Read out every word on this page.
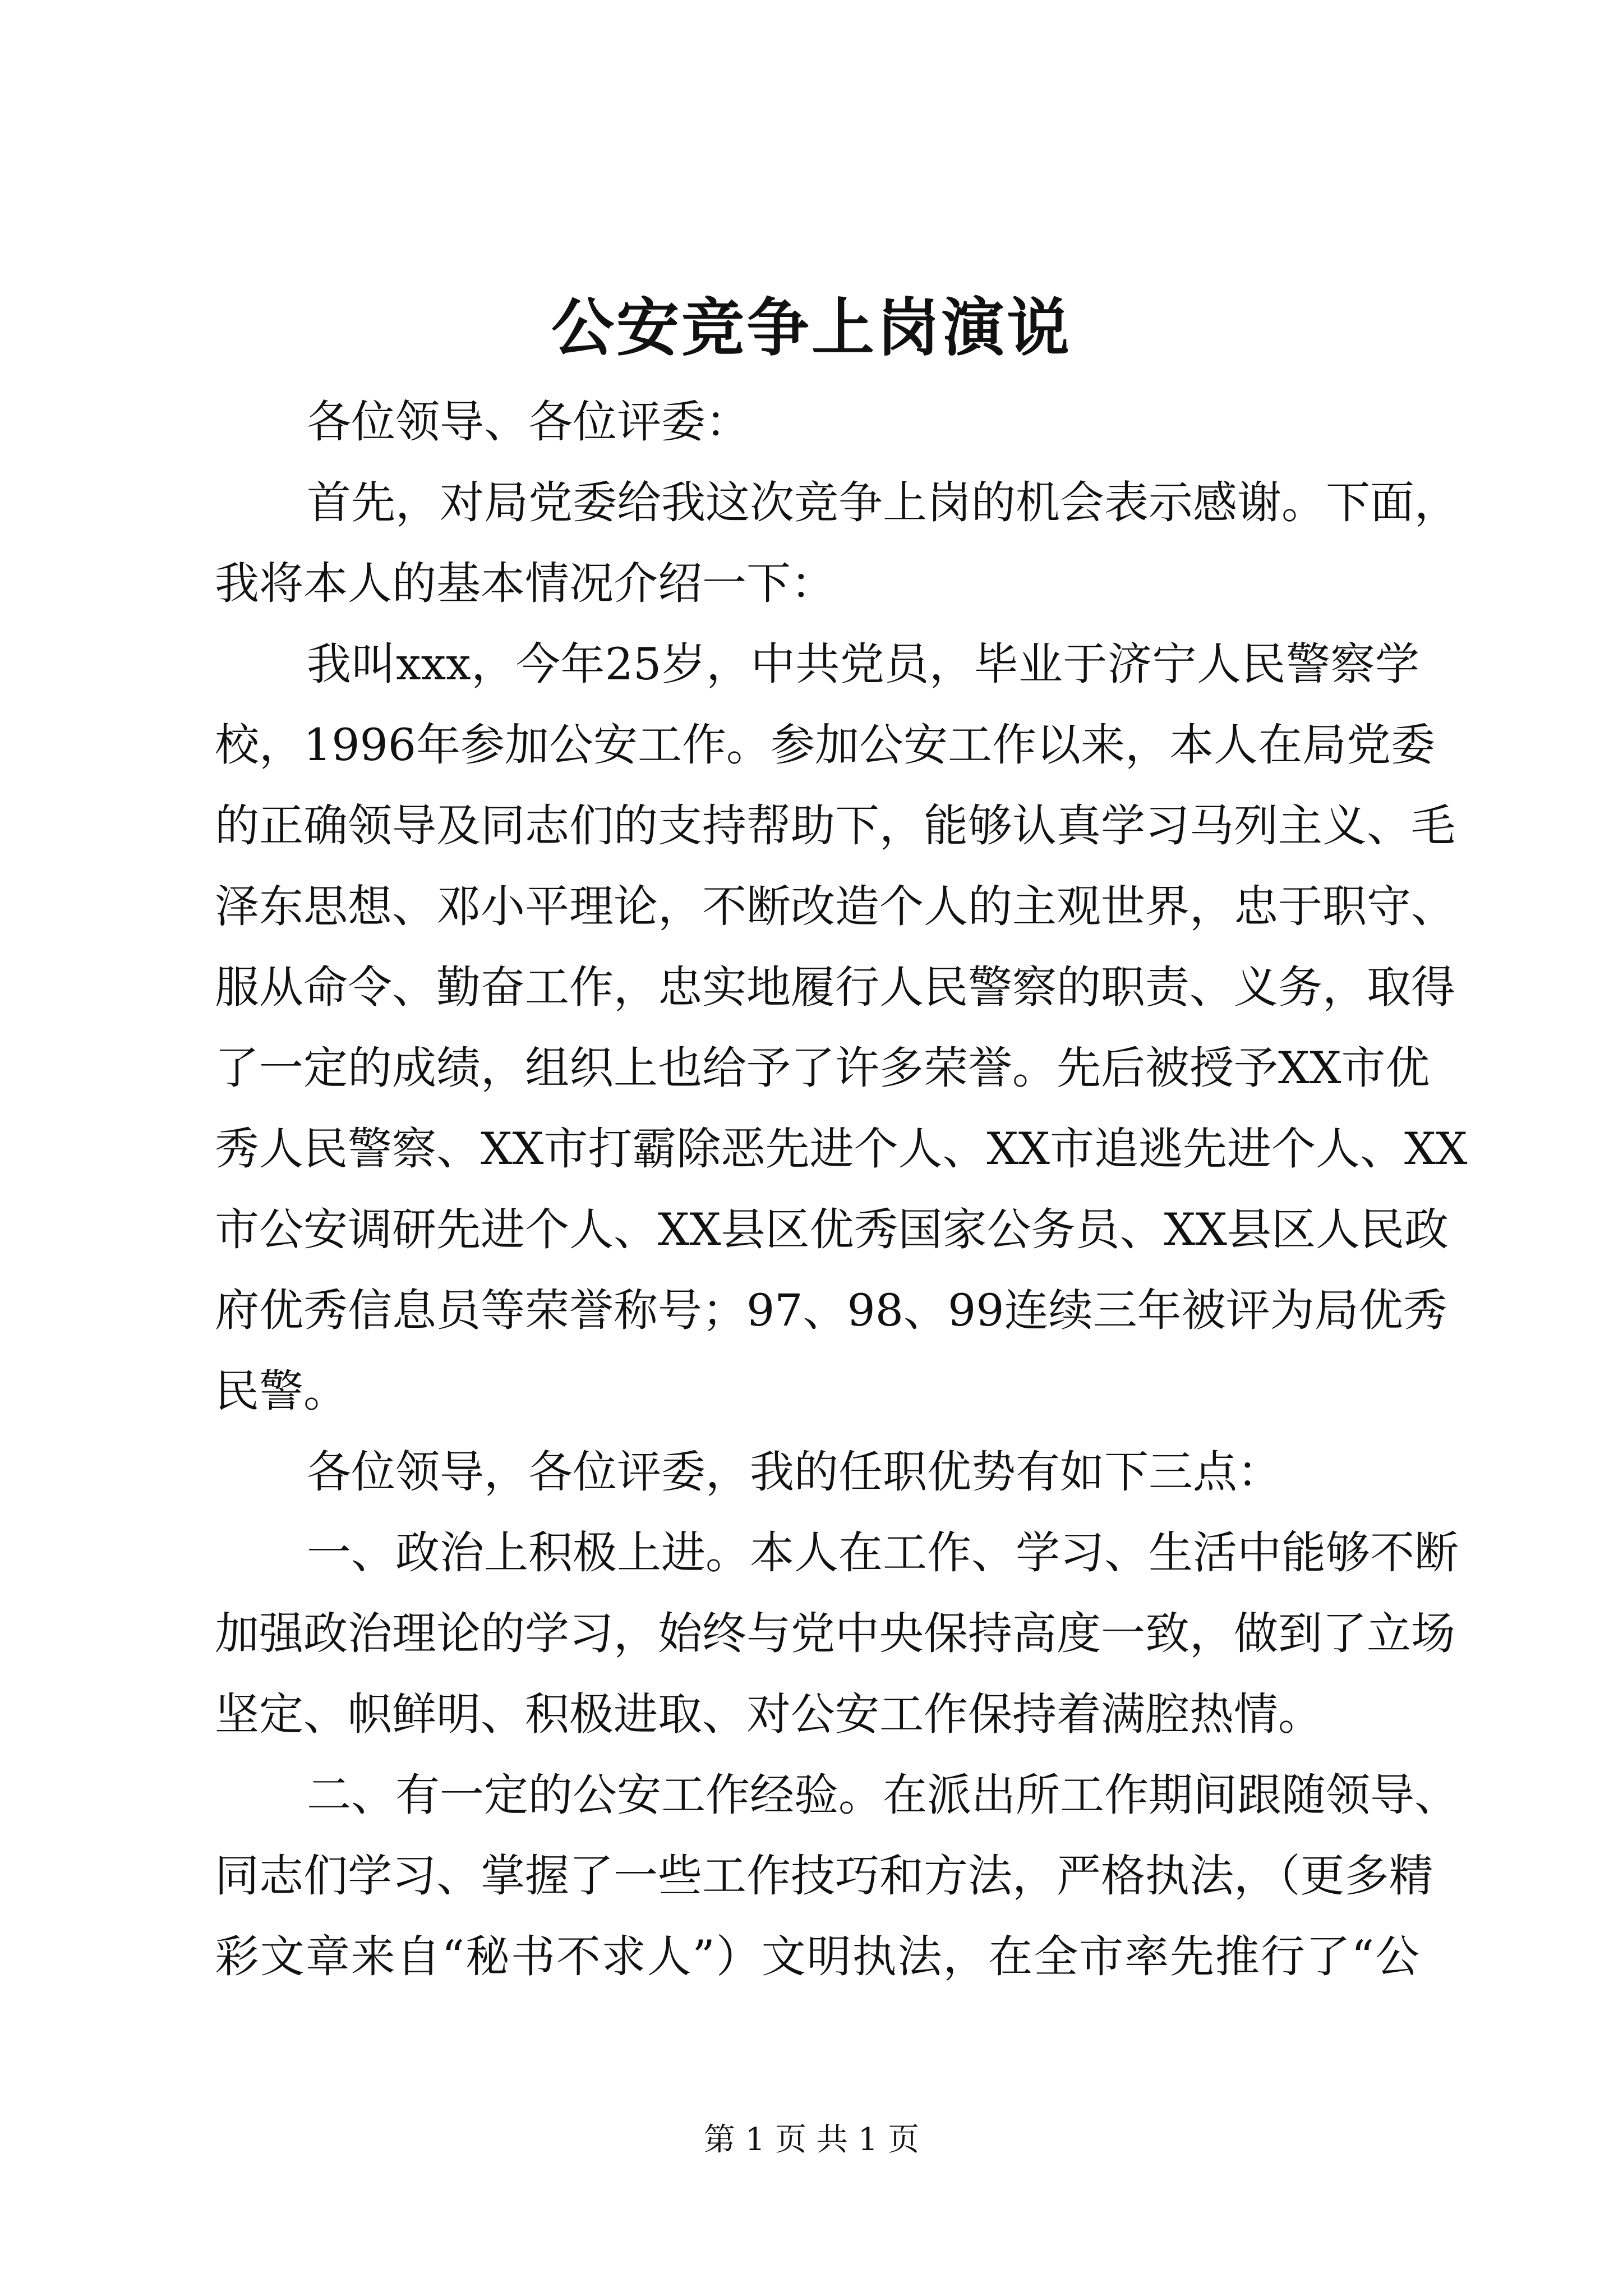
公安竞争上岗演说
各位领导、各位评委：
首先，对局党委给我这次竞争上岗的机会表示感谢。下面，
我将本人的基本情况介绍一下：
我叫xxx，今年25岁，中共党员，毕业于济宁人民警察学
校，1996年参加公安工作。参加公安工作以来，本人在局党委
的正确领导及同志们的支持帮助下，能够认真学习马列主义、毛
泽东思想、邓小平理论，不断改造个人的主观世界，忠于职守、
服从命令、勤奋工作，忠实地履行人民警察的职责、义务，取得
了一定的成绩，组织上也给予了许多荣誉。先后被授予XX市优
秀人民警察、XX市打霸除恶先进个人、XX市追逃先进个人、XX
市公安调研先进个人、XX县区优秀国家公务员、XX县区人民政
府优秀信息员等荣誉称号；97、98、99连续三年被评为局优秀
民警。
各位领导，各位评委，我的任职优势有如下三点：
一、政治上积极上进。本人在工作、学习、生活中能够不断
加强政治理论的学习，始终与党中央保持高度一致，做到了立场
坚定、帜鲜明、积极进取、对公安工作保持着满腔热情。
二、有一定的公安工作经验。在派出所工作期间跟随领导、
同志们学习、掌握了一些工作技巧和方法，严格执法，（更多精
彩文章来自“秘书不求人”）文明执法，在全市率先推行了“公
第 1 页 共 1 页
